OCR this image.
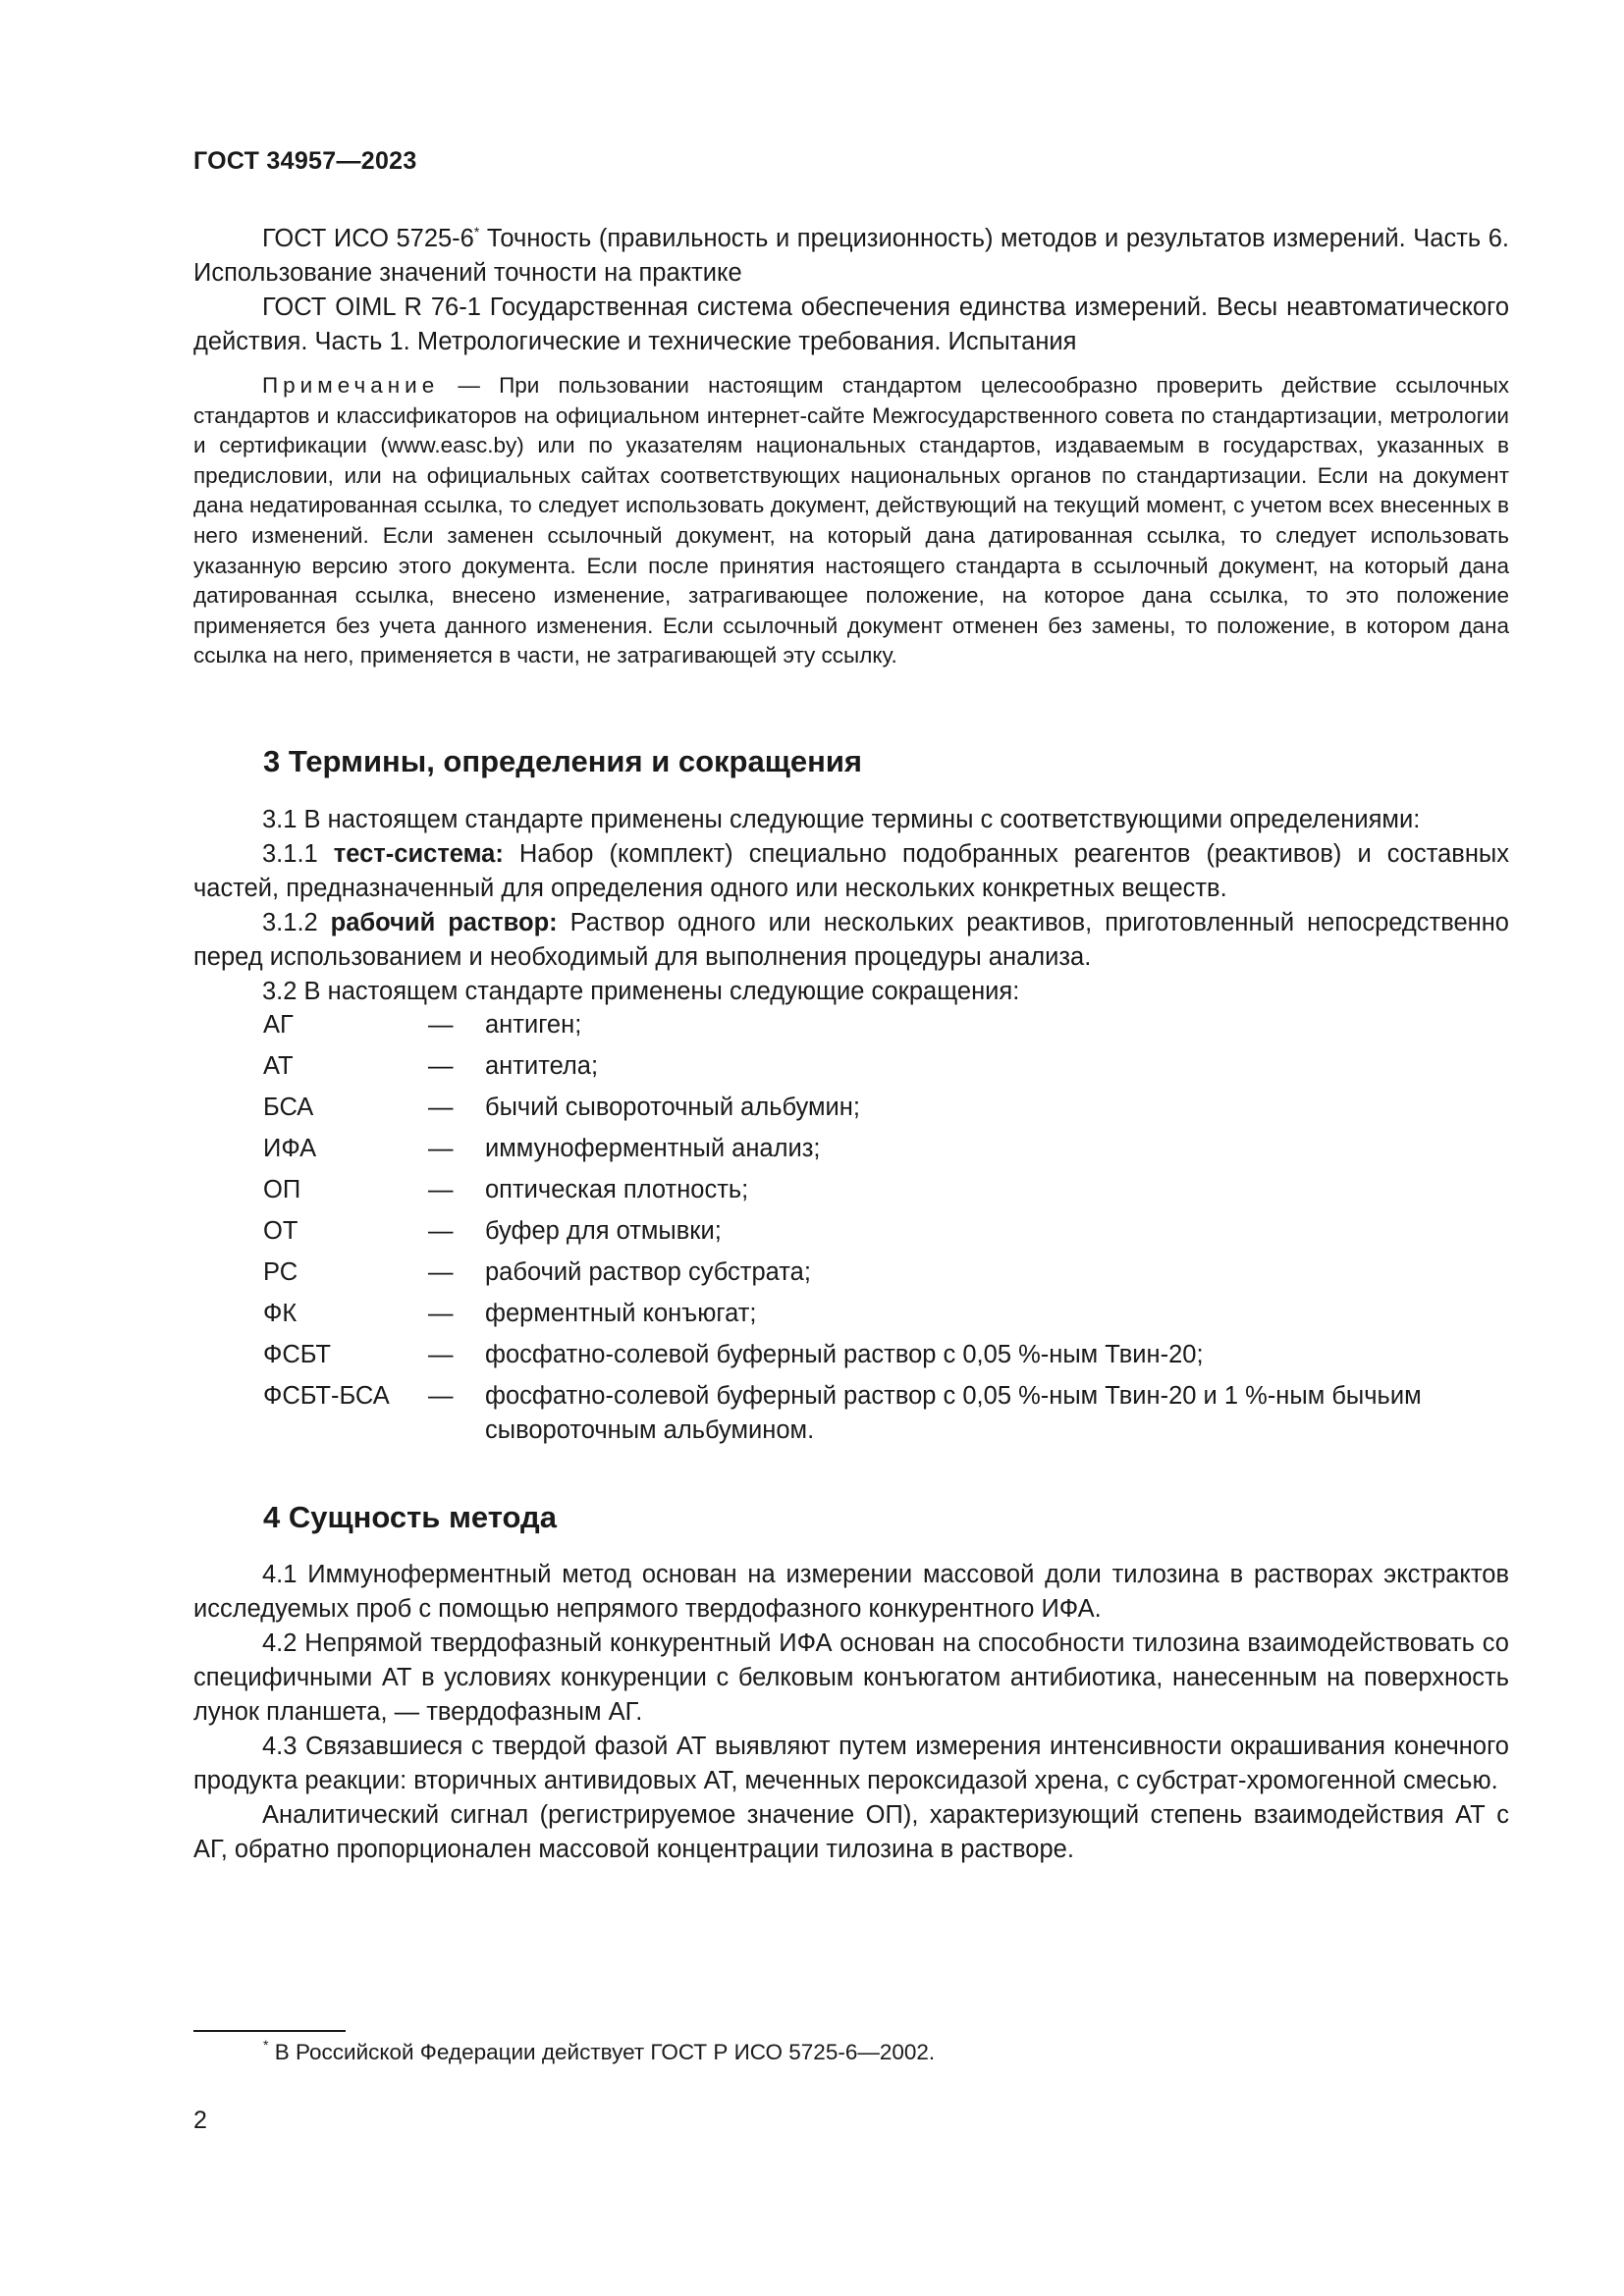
ГОСТ 34957—2023

ГОСТ ИСО 5725-6* Точность (правильность и прецизионность) методов и результатов измерений. Часть 6. Использование значений точности на практике

ГОСТ OIML R 76-1 Государственная система обеспечения единства измерений. Весы неавтоматического действия. Часть 1. Метрологические и технические требования. Испытания

Примечание — При пользовании настоящим стандартом целесообразно проверить действие ссылочных стандартов и классификаторов на официальном интернет-сайте Межгосударственного совета по стандартизации, метрологии и сертификации (www.easc.by) или по указателям национальных стандартов, издаваемым в государствах, указанных в предисловии, или на официальных сайтах соответствующих национальных органов по стандартизации. Если на документ дана недатированная ссылка, то следует использовать документ, действующий на текущий момент, с учетом всех внесенных в него изменений. Если заменен ссылочный документ, на который дана датированная ссылка, то следует использовать указанную версию этого документа. Если после принятия настоящего стандарта в ссылочный документ, на который дана датированная ссылка, внесено изменение, затрагивающее положение, на которое дана ссылка, то это положение применяется без учета данного изменения. Если ссылочный документ отменен без замены, то положение, в котором дана ссылка на него, применяется в части, не затрагивающей эту ссылку.

3 Термины, определения и сокращения

3.1 В настоящем стандарте применены следующие термины с соответствующими определениями:

3.1.1 тест-система: Набор (комплект) специально подобранных реагентов (реактивов) и составных частей, предназначенный для определения одного или нескольких конкретных веществ.

3.1.2 рабочий раствор: Раствор одного или нескольких реактивов, приготовленный непосредственно перед использованием и необходимый для выполнения процедуры анализа.

3.2 В настоящем стандарте применены следующие сокращения:

АГ	—	антиген;
АТ	—	антитела;
БСА	—	бычий сывороточный альбумин;
ИФА	—	иммуноферментный анализ;
ОП	—	оптическая плотность;
ОТ	—	буфер для отмывки;
РС	—	рабочий раствор субстрата;
ФК	—	ферментный конъюгат;
ФСБТ	—	фосфатно-солевой буферный раствор с 0,05 %-ным Твин-20;
ФСБТ-БСА	—	фосфатно-солевой буферный раствор с 0,05 %-ным Твин-20 и 1 %-ным бычьим сывороточным альбумином.
4 Сущность метода

4.1 Иммуноферментный метод основан на измерении массовой доли тилозина в растворах экстрактов исследуемых проб с помощью непрямого твердофазного конкурентного ИФА.

4.2 Непрямой твердофазный конкурентный ИФА основан на способности тилозина взаимодействовать со специфичными АТ в условиях конкуренции с белковым конъюгатом антибиотика, нанесенным на поверхность лунок планшета, — твердофазным АГ.

4.3 Связавшиеся с твердой фазой АТ выявляют путем измерения интенсивности окрашивания конечного продукта реакции: вторичных антивидовых АТ, меченных пероксидазой хрена, с субстрат-хромогенной смесью.

Аналитический сигнал (регистрируемое значение ОП), характеризующий степень взаимодействия АТ с АГ, обратно пропорционален массовой концентрации тилозина в растворе.

* В Российской Федерации действует ГОСТ Р ИСО 5725-6—2002.
2
